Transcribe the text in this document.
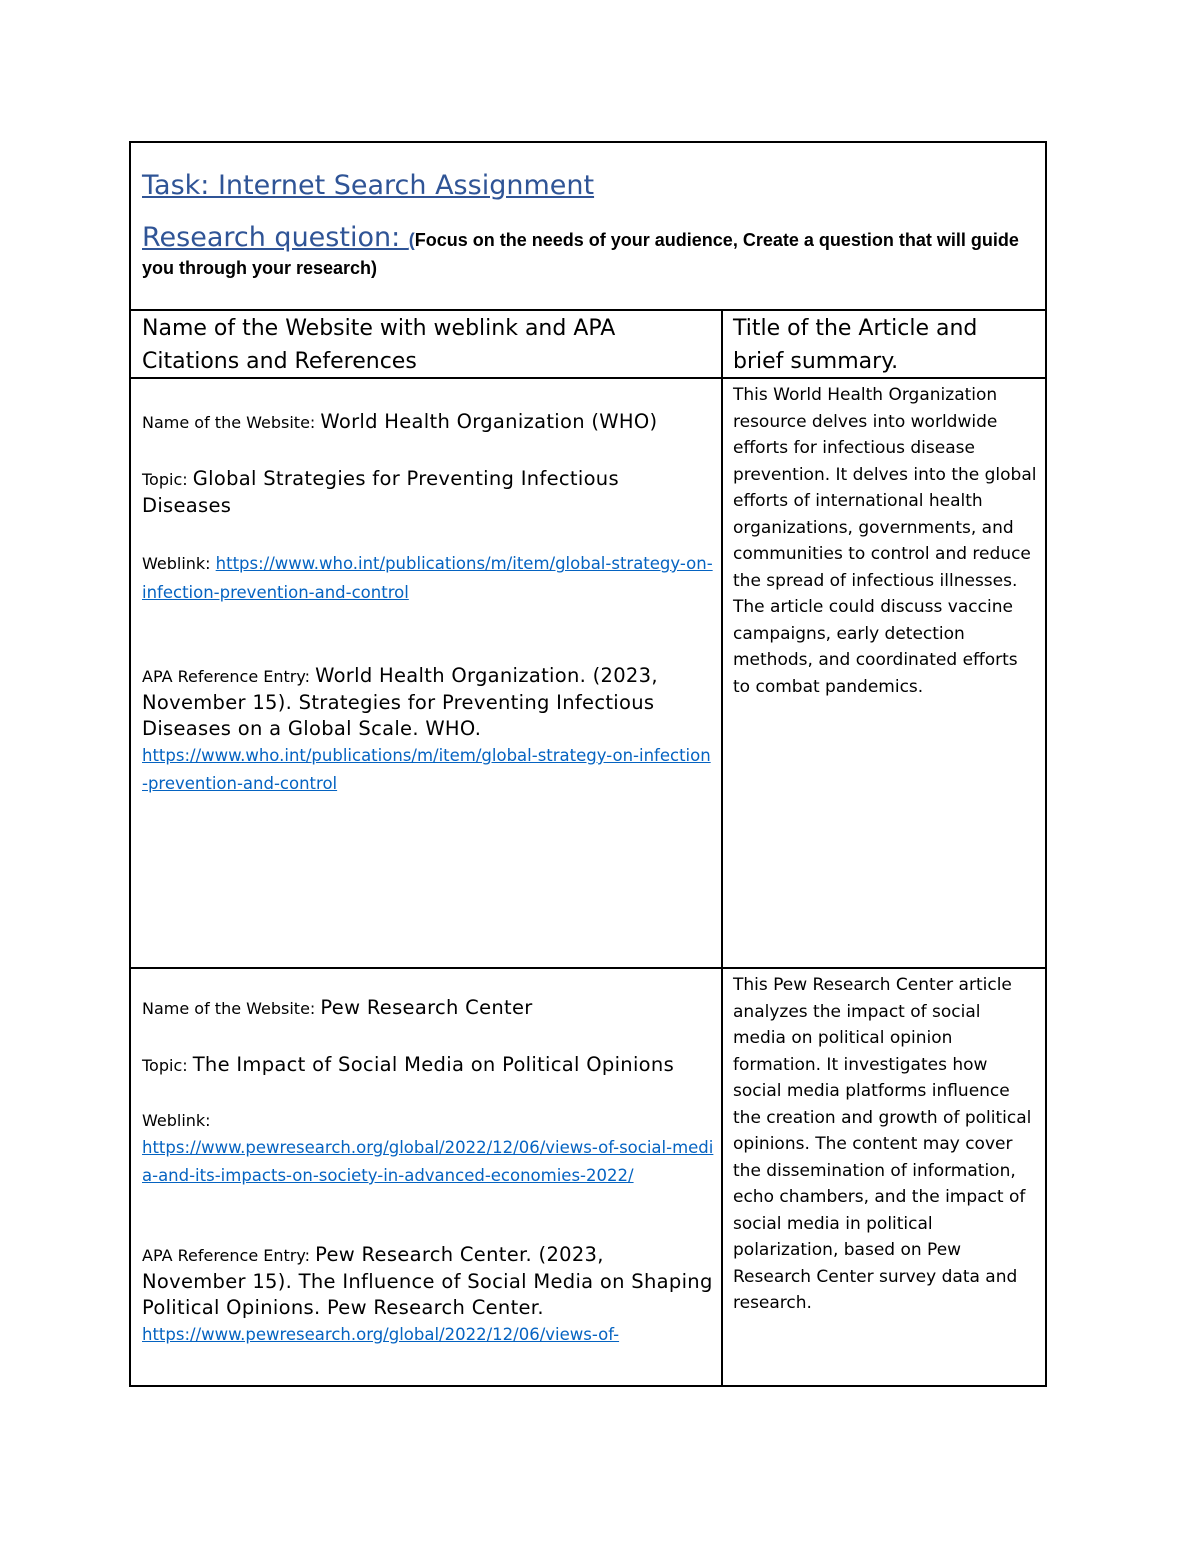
Task: Internet Search Assignment
Research question: (Focus on the needs of your audience, Create a question that will guide you through your research)
Name of the Website with weblink and APA Citations and References
Title of the Article and brief summary.

Name of the Website: World Health Organization (WHO)

Topic: Global Strategies for Preventing Infectious Diseases

Weblink: https://www.who.int/publications/m/item/global-strategy-on-infection-prevention-and-control

APA Reference Entry: World Health Organization. (2023, November 15). Strategies for Preventing Infectious Diseases on a Global Scale. WHO.
https://www.who.int/publications/m/item/global-strategy-on-infection-prevention-and-control

This World Health Organization resource delves into worldwide efforts for infectious disease prevention. It delves into the global efforts of international health organizations, governments, and communities to control and reduce the spread of infectious illnesses. The article could discuss vaccine campaigns, early detection methods, and coordinated efforts to combat pandemics.

Name of the Website: Pew Research Center

Topic: The Impact of Social Media on Political Opinions

Weblink:
https://www.pewresearch.org/global/2022/12/06/views-of-social-media-and-its-impacts-on-society-in-advanced-economies-2022/

APA Reference Entry: Pew Research Center. (2023, November 15). The Influence of Social Media on Shaping Political Opinions. Pew Research Center.
https://www.pewresearch.org/global/2022/12/06/views-of-

This Pew Research Center article analyzes the impact of social media on political opinion formation. It investigates how social media platforms influence the creation and growth of political opinions. The content may cover the dissemination of information, echo chambers, and the impact of social media in political polarization, based on Pew Research Center survey data and research.
